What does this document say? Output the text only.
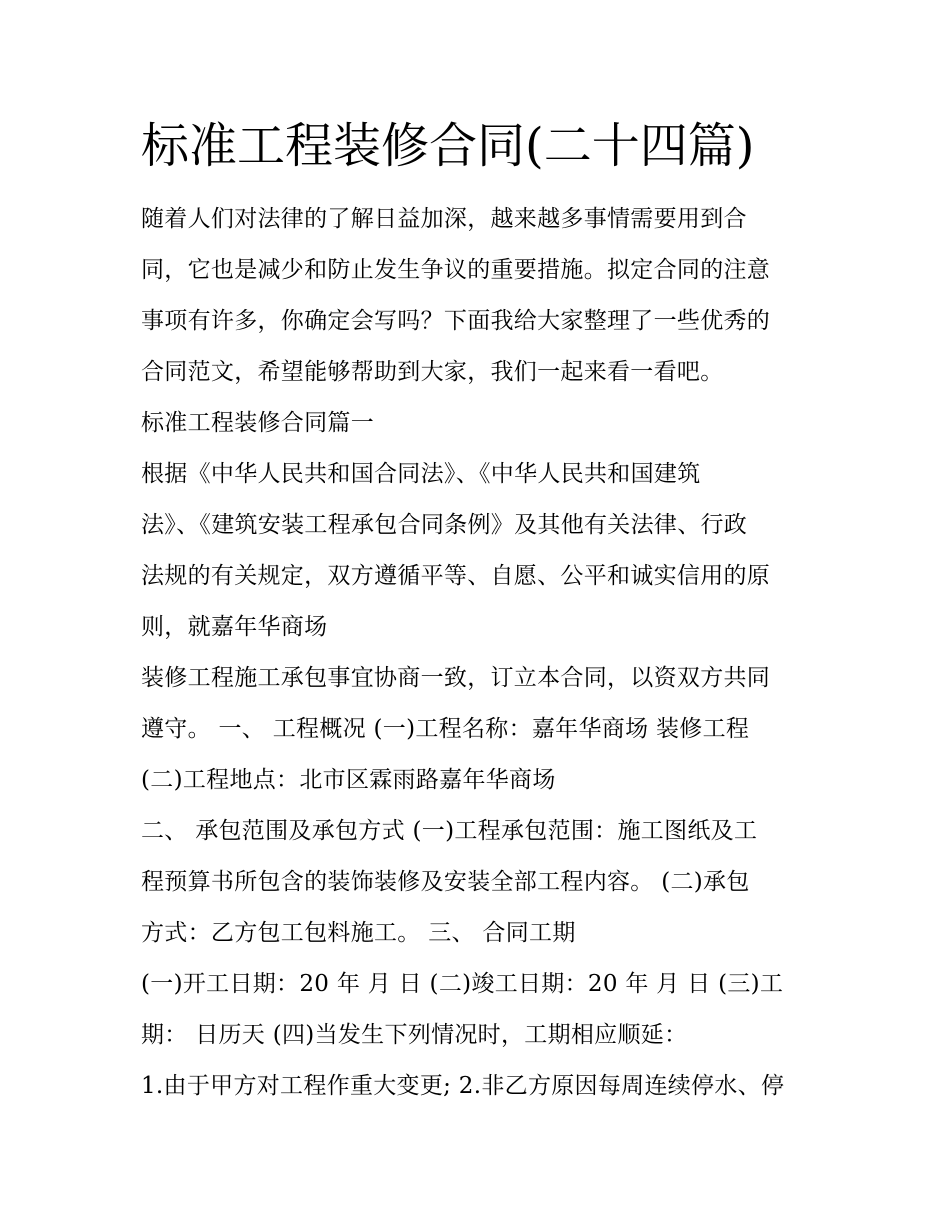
标准工程装修合同(二十四篇)
随着人们对法律的了解日益加深，越来越多事情需要用到合
同，它也是减少和防止发生争议的重要措施。拟定合同的注意
事项有许多，你确定会写吗？下面我给大家整理了一些优秀的
合同范文，希望能够帮助到大家，我们一起来看一看吧。
标准工程装修合同篇一
根据《中华人民共和国合同法》、《中华人民共和国建筑
法》、《建筑安装工程承包合同条例》及其他有关法律、行政
法规的有关规定，双方遵循平等、自愿、公平和诚实信用的原
则，就嘉年华商场
装修工程施工承包事宜协商一致，订立本合同，以资双方共同
遵守。 一、 工程概况 (一)工程名称：嘉年华商场 装修工程
(二)工程地点：北市区霖雨路嘉年华商场
二、 承包范围及承包方式 (一)工程承包范围：施工图纸及工
程预算书所包含的装饰装修及安装全部工程内容。 (二)承包
方式：乙方包工包料施工。 三、 合同工期
(一)开工日期：20 年 月 日 (二)竣工日期：20 年 月 日 (三)工
期： 日历天 (四)当发生下列情况时，工期相应顺延：
1.由于甲方对工程作重大变更; 2.非乙方原因每周连续停水、停
